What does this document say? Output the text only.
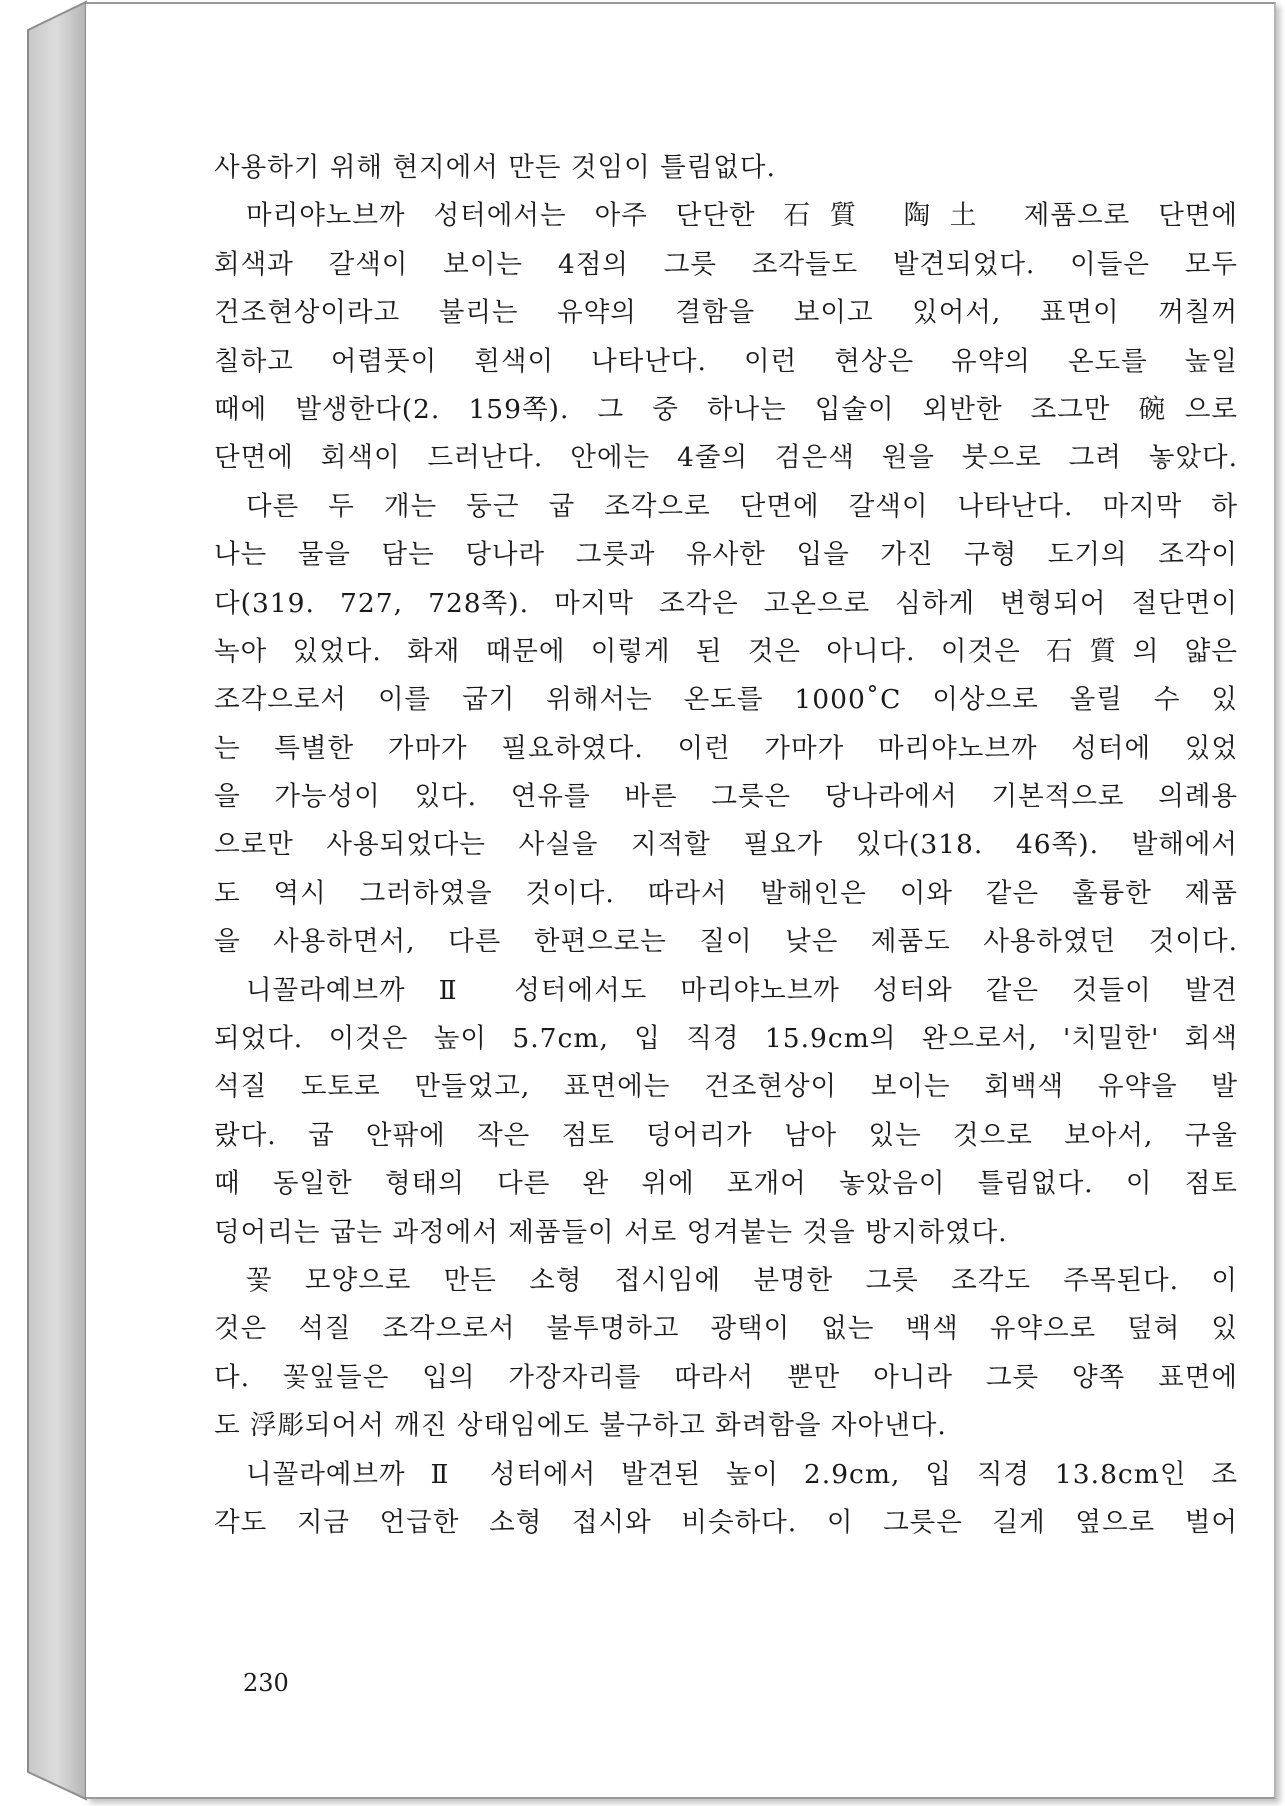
사용하기 위해 현지에서 만든 것임이 틀림없다.
마리야노브까 성터에서는 아주 단단한 石質 陶土 제품으로 단면에
회색과 갈색이 보이는 4점의 그릇 조각들도 발견되었다. 이들은 모두
건조현상이라고 불리는 유약의 결함을 보이고 있어서, 표면이 꺼칠꺼
칠하고 어렴풋이 흰색이 나타난다. 이런 현상은 유약의 온도를 높일
때에 발생한다(2. 159쪽). 그 중 하나는 입술이 외반한 조그만 碗으로
단면에 회색이 드러난다. 안에는 4줄의 검은색 원을 붓으로 그려 놓았다.
다른 두 개는 둥근 굽 조각으로 단면에 갈색이 나타난다. 마지막 하
나는 물을 담는 당나라 그릇과 유사한 입을 가진 구형 도기의 조각이
다(319. 727, 728쪽). 마지막 조각은 고온으로 심하게 변형되어 절단면이
녹아 있었다. 화재 때문에 이렇게 된 것은 아니다. 이것은 石質의 얇은
조각으로서 이를 굽기 위해서는 온도를 1000˚C 이상으로 올릴 수 있
는 특별한 가마가 필요하였다. 이런 가마가 마리야노브까 성터에 있었
을 가능성이 있다. 연유를 바른 그릇은 당나라에서 기본적으로 의례용
으로만 사용되었다는 사실을 지적할 필요가 있다(318. 46쪽). 발해에서
도 역시 그러하였을 것이다. 따라서 발해인은 이와 같은 훌륭한 제품
을 사용하면서, 다른 한편으로는 질이 낮은 제품도 사용하였던 것이다.
니꼴라예브까 Ⅱ 성터에서도 마리야노브까 성터와 같은 것들이 발견
되었다. 이것은 높이 5.7cm, 입 직경 15.9cm의 완으로서, '치밀한' 회색
석질 도토로 만들었고, 표면에는 건조현상이 보이는 회백색 유약을 발
랐다. 굽 안팎에 작은 점토 덩어리가 남아 있는 것으로 보아서, 구울
때 동일한 형태의 다른 완 위에 포개어 놓았음이 틀림없다. 이 점토
덩어리는 굽는 과정에서 제품들이 서로 엉겨붙는 것을 방지하였다.
꽃 모양으로 만든 소형 접시임에 분명한 그릇 조각도 주목된다. 이
것은 석질 조각으로서 불투명하고 광택이 없는 백색 유약으로 덮혀 있
다. 꽃잎들은 입의 가장자리를 따라서 뿐만 아니라 그릇 양쪽 표면에
도 浮彫되어서 깨진 상태임에도 불구하고 화려함을 자아낸다.
니꼴라예브까 Ⅱ 성터에서 발견된 높이 2.9cm, 입 직경 13.8cm인 조
각도 지금 언급한 소형 접시와 비슷하다. 이 그릇은 길게 옆으로 벌어
230
